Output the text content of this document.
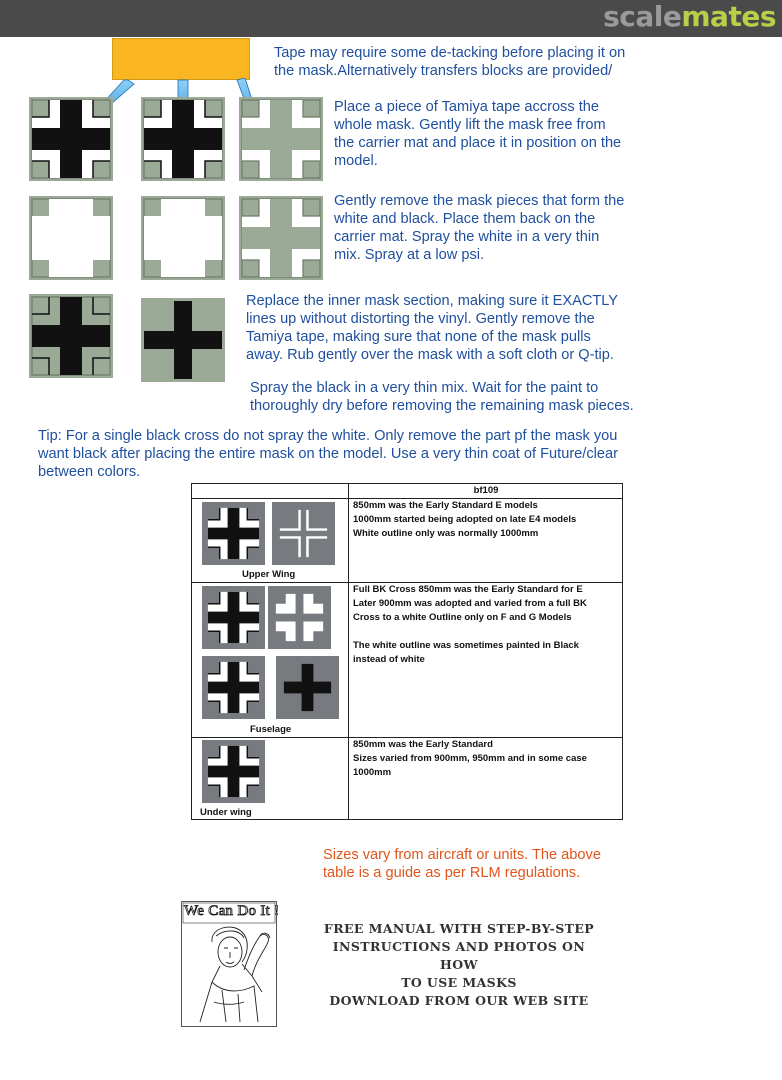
scalemates

Tape may require some de-tacking before placing it on
the mask.Alternatively transfers blocks are provided/

Place a piece of Tamiya tape accross the
whole mask. Gently lift the mask free from
the carrier mat and place it in position on the
model.

Gently remove the mask pieces that form the
white and black. Place them back on the
carrier mat. Spray the white in a very thin
mix. Spray at a low psi.

Replace the inner mask section, making sure it EXACTLY
lines up without distorting the vinyl. Gently remove the
Tamiya tape, making sure that none of the mask pulls
away. Rub gently over the mask with a soft cloth or Q-tip.

Spray the black in a very thin mix. Wait for the paint to
thoroughly dry before removing the remaining mask pieces.

Tip: For a single black cross do not spray the white. Only remove the part pf the mask you
want black after placing the entire mask on the model. Use a very thin coat of Future/clear
between colors.

bf109
Upper Wing
850mm was the Early Standard E models
1000mm started being adopted on late E4 models
White outline only was normally 1000mm
Fuselage
Full BK Cross 850mm was the Early Standard for E
Later 900mm was adopted and varied from a full BK
Cross to a white Outline only on F and G Models

The white outline was sometimes painted in Black
instead of white
Under wing
850mm was the Early Standard
Sizes varied from 900mm, 950mm and in some case
1000mm

Sizes vary from aircraft or units. The above
table is a guide as per RLM regulations.

We Can Do It !
FREE MANUAL WITH STEP-BY-STEP
INSTRUCTIONS AND PHOTOS ON HOW
TO USE MASKS
DOWNLOAD FROM OUR WEB SITE
